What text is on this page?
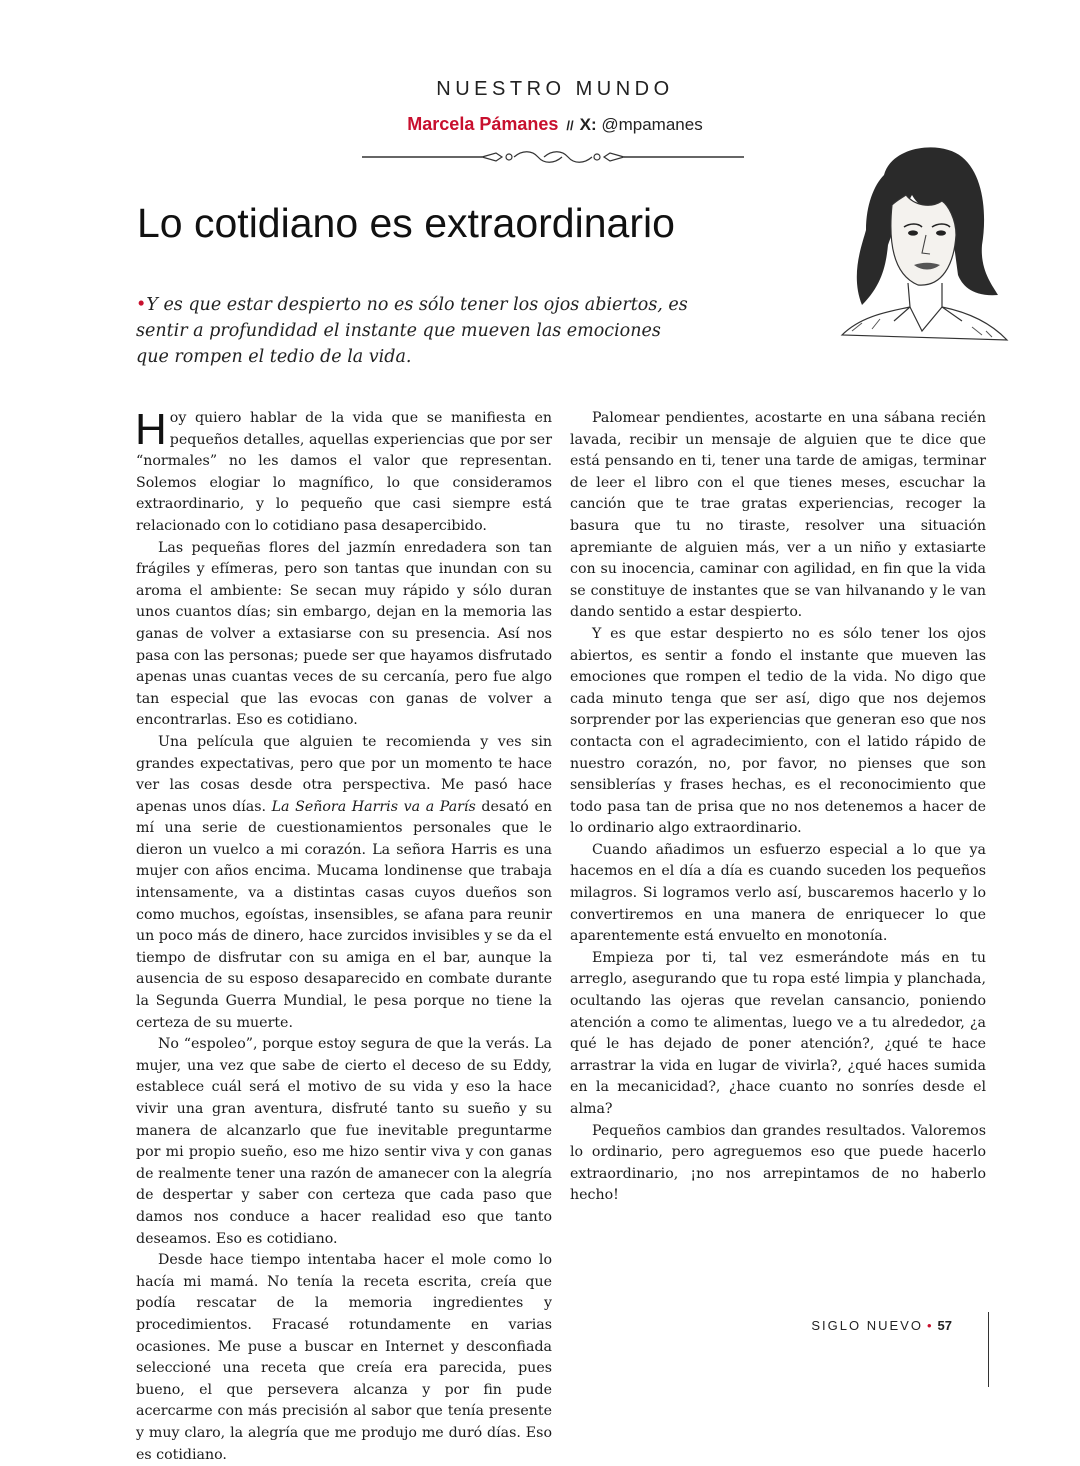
NUESTRO MUNDO
Marcela Pámanes // X: @mpamanes
Lo cotidiano es extraordinario

•Y es que estar despierto no es sólo tener los ojos abiertos, es sentir a profundidad el instante que mueven las emociones que rompen el tedio de la vida.

Hoy quiero hablar de la vida que se manifiesta en pequeños detalles, aquellas experiencias que por ser “normales” no les damos el valor que representan. Solemos elogiar lo magnífico, lo que consideramos extraordinario, y lo pequeño que casi siempre está relacionado con lo cotidiano pasa desapercibido.

Las pequeñas flores del jazmín enredadera son tan frágiles y efímeras, pero son tantas que inundan con su aroma el ambiente: Se secan muy rápido y sólo duran unos cuantos días; sin embargo, dejan en la memoria las ganas de volver a extasiarse con su presencia. Así nos pasa con las personas; puede ser que hayamos disfrutado apenas unas cuantas veces de su cercanía, pero fue algo tan especial que las evocas con ganas de volver a encontrarlas. Eso es cotidiano.

Una película que alguien te recomienda y ves sin grandes expectativas, pero que por un momento te hace ver las cosas desde otra perspectiva. Me pasó hace apenas unos días. La Señora Harris va a París desató en mí una serie de cuestionamientos personales que le dieron un vuelco a mi corazón. La señora Harris es una mujer con años encima. Mucama londinense que trabaja intensamente, va a distintas casas cuyos dueños son como muchos, egoístas, insensibles, se afana para reunir un poco más de dinero, hace zurcidos invisibles y se da el tiempo de disfrutar con su amiga en el bar, aunque la ausencia de su esposo desaparecido en combate durante la Segunda Guerra Mundial, le pesa porque no tiene la certeza de su muerte.

No “espoleo”, porque estoy segura de que la verás. La mujer, una vez que sabe de cierto el deceso de su Eddy, establece cuál será el motivo de su vida y eso la hace vivir una gran aventura, disfruté tanto su sueño y su manera de alcanzarlo que fue inevitable preguntarme por mi propio sueño, eso me hizo sentir viva y con ganas de realmente tener una razón de amanecer con la alegría de despertar y saber con certeza que cada paso que damos nos conduce a hacer realidad eso que tanto deseamos. Eso es cotidiano.

Desde hace tiempo intentaba hacer el mole como lo hacía mi mamá. No tenía la receta escrita, creía que podía rescatar de la memoria ingredientes y procedimientos. Fracasé rotundamente en varias ocasiones. Me puse a buscar en Internet y desconfiada seleccioné una receta que creía era parecida, pues bueno, el que persevera alcanza y por fin pude acercarme con más precisión al sabor que tenía presente y muy claro, la alegría que me produjo me duró días. Eso es cotidiano.

Palomear pendientes, acostarte en una sábana recién lavada, recibir un mensaje de alguien que te dice que está pensando en ti, tener una tarde de amigas, terminar de leer el libro con el que tienes meses, escuchar la canción que te trae gratas experiencias, recoger la basura que tu no tiraste, resolver una situación apremiante de alguien más, ver a un niño y extasiarte con su inocencia, caminar con agilidad, en fin que la vida se constituye de instantes que se van hilvanando y le van dando sentido a estar despierto.

Y es que estar despierto no es sólo tener los ojos abiertos, es sentir a fondo el instante que mueven las emociones que rompen el tedio de la vida. No digo que cada minuto tenga que ser así, digo que nos dejemos sorprender por las experiencias que generan eso que nos contacta con el agradecimiento, con el latido rápido de nuestro corazón, no, por favor, no pienses que son sensiblerías y frases hechas, es el reconocimiento que todo pasa tan de prisa que no nos detenemos a hacer de lo ordinario algo extraordinario.

Cuando añadimos un esfuerzo especial a lo que ya hacemos en el día a día es cuando suceden los pequeños milagros. Si logramos verlo así, buscaremos hacerlo y lo convertiremos en una manera de enriquecer lo que aparentemente está envuelto en monotonía.

Empieza por ti, tal vez esmerándote más en tu arreglo, asegurando que tu ropa esté limpia y planchada, ocultando las ojeras que revelan cansancio, poniendo atención a como te alimentas, luego ve a tu alrededor, ¿a qué le has dejado de poner atención?, ¿qué te hace arrastrar la vida en lugar de vivirla?, ¿qué haces sumida en la mecanicidad?, ¿hace cuanto no sonríes desde el alma?

Pequeños cambios dan grandes resultados. Valoremos lo ordinario, pero agreguemos eso que puede hacerlo extraordinario, ¡no nos arrepintamos de no haberlo hecho!

SIGLO NUEVO • 57
